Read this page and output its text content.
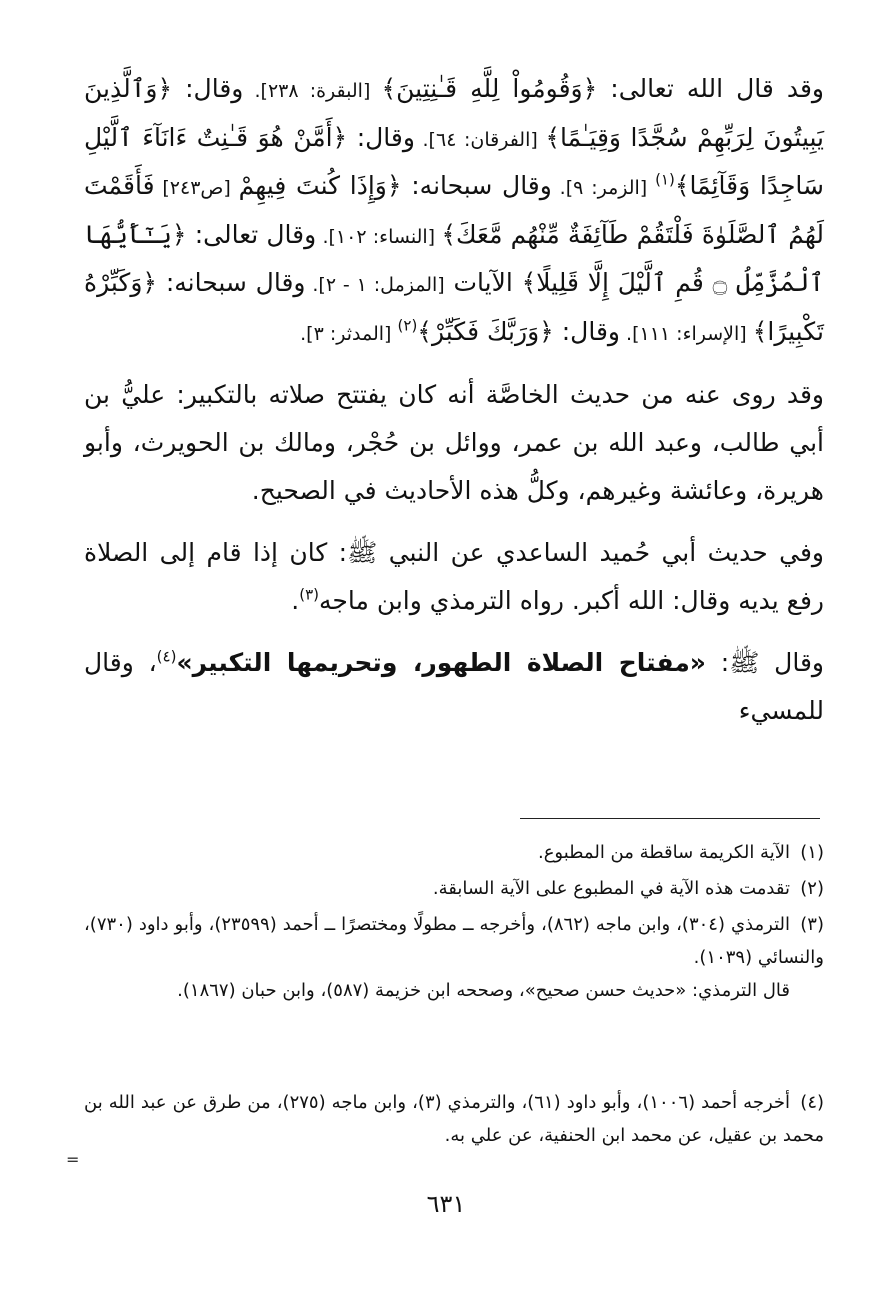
وقد قال الله تعالى: ﴿وَقُومُواْ لِلَّهِ قَـٰنِتِينَ﴾ [البقرة: ٢٣٨]. وقال: ﴿وَٱلَّذِينَ يَبِيتُونَ لِرَبِّهِمْ سُجَّدًا وَقِيَـٰمًا﴾ [الفرقان: ٦٤]. وقال: ﴿أَمَّنْ هُوَ قَـٰنِتٌ ءَانَآءَ ٱلَّيْلِ سَاجِدًا وَقَآئِمًا﴾$^{(١)}$ [الزمر: ٩]. وقال سبحانه: ﴿وَإِذَا كُنتَ فِيهِمْ [ص٢٤٣] فَأَقَمْتَ لَهُمُ ٱلصَّلَوٰةَ فَلْتَقُمْ طَآئِفَةٌ مِّنْهُم مَّعَكَ﴾ [النساء: ١٠٢]. وقال تعالى: ﴿يَـٰٓأَيُّهَا ٱلْمُزَّمِّلُ ۝ قُمِ ٱلَّيْلَ إِلَّا قَلِيلًا﴾ الآيات [المزمل: ١ - ٢]. وقال سبحانه: ﴿وَكَبِّرْهُ تَكْبِيرًا﴾ [الإسراء: ١١١]. وقال: ﴿وَرَبَّكَ فَكَبِّرْ﴾$^{(٢)}$ [المدثر: ٣].

وقد روى عنه من حديث الخاصَّة أنه كان يفتتح صلاته بالتكبير: عليُّ بن أبي طالب، وعبد الله بن عمر، ووائل بن حُجْر، ومالك بن الحويرث، وأبو هريرة، وعائشة وغيرهم، وكلُّ هذه الأحاديث في الصحيح.

وفي حديث أبي حُميد الساعدي عن النبي ﷺ: كان إذا قام إلى الصلاة رفع يديه وقال: الله أكبر. رواه الترمذي وابن ماجه$^{(٣)}$.

وقال ﷺ: «مفتاح الصلاة الطهور، وتحريمها التكبير»$^{(٤)}$، وقال للمسيء

(١)الآية الكريمة ساقطة من المطبوع.
(٢)تقدمت هذه الآية في المطبوع على الآية السابقة.
(٣)الترمذي (٣٠٤)، وابن ماجه (٨٦٢)، وأخرجه ــ مطولًا ومختصرًا ــ أحمد (٢٣٥٩٩)، وأبو داود (٧٣٠)، والنسائي (١٠٣٩).
قال الترمذي: «حديث حسن صحيح»، وصححه ابن خزيمة (٥٨٧)، وابن حبان (١٨٦٧).
(٤)أخرجه أحمد (١٠٠٦)، وأبو داود (٦١)، والترمذي (٣)، وابن ماجه (٢٧٥)، من طرق عن عبد الله بن محمد بن عقيل، عن محمد ابن الحنفية، عن علي به.
=
٦٣١
